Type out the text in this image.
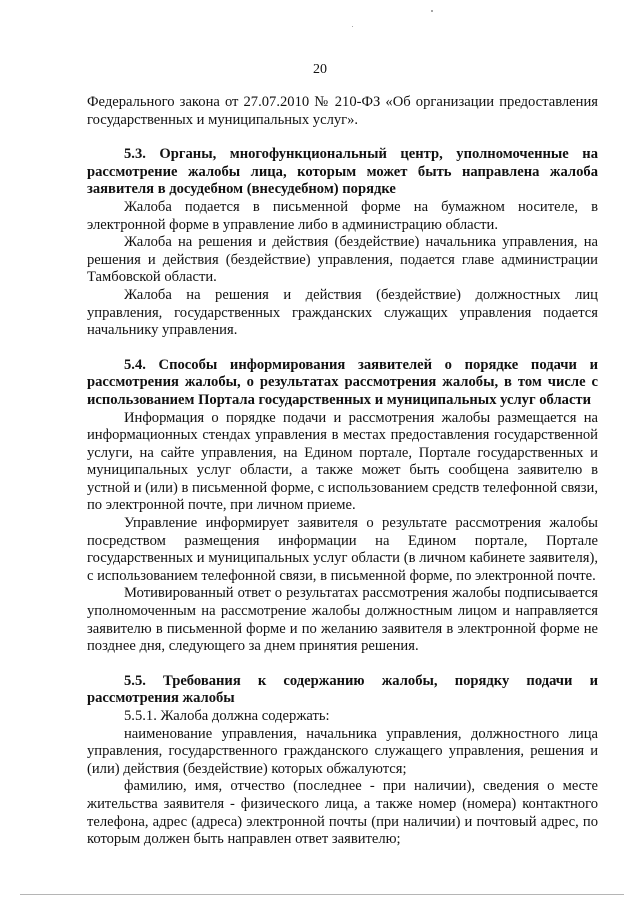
20

Федерального закона от 27.07.2010 № 210-ФЗ «Об организации предоставления государственных и муниципальных услуг».

5.3. Органы, многофункциональный центр, уполномоченные на рассмотрение жалобы лица, которым может быть направлена жалоба заявителя в досудебном (внесудебном) порядке

Жалоба подается в письменной форме на бумажном носителе, в электронной форме в управление либо в администрацию области.

Жалоба на решения и действия (бездействие) начальника управления, на решения и действия (бездействие) управления, подается главе администрации Тамбовской области.

Жалоба на решения и действия (бездействие) должностных лиц управления, государственных гражданских служащих управления подается начальнику управления.

5.4. Способы информирования заявителей о порядке подачи и рассмотрения жалобы, о результатах рассмотрения жалобы, в том числе с использованием Портала государственных и муниципальных услуг области

Информация о порядке подачи и рассмотрения жалобы размещается на информационных стендах управления в местах предоставления государственной услуги, на сайте управления, на Едином портале, Портале государственных и муниципальных услуг области, а также может быть сообщена заявителю в устной и (или) в письменной форме, с использованием средств телефонной связи, по электронной почте, при личном приеме.

Управление информирует заявителя о результате рассмотрения жалобы посредством размещения информации на Едином портале, Портале государственных и муниципальных услуг области (в личном кабинете заявителя), с использованием телефонной связи, в письменной форме, по электронной почте.

Мотивированный ответ о результатах рассмотрения жалобы подписывается уполномоченным на рассмотрение жалобы должностным лицом и направляется заявителю в письменной форме и по желанию заявителя в электронной форме не позднее дня, следующего за днем принятия решения.

5.5. Требования к содержанию жалобы, порядку подачи и рассмотрения жалобы

5.5.1. Жалоба должна содержать:

наименование управления, начальника управления, должностного лица управления, государственного гражданского служащего управления, решения и (или) действия (бездействие) которых обжалуются;

фамилию, имя, отчество (последнее - при наличии), сведения о месте жительства заявителя - физического лица, а также номер (номера) контактного телефона, адрес (адреса) электронной почты (при наличии) и почтовый адрес, по которым должен быть направлен ответ заявителю;
